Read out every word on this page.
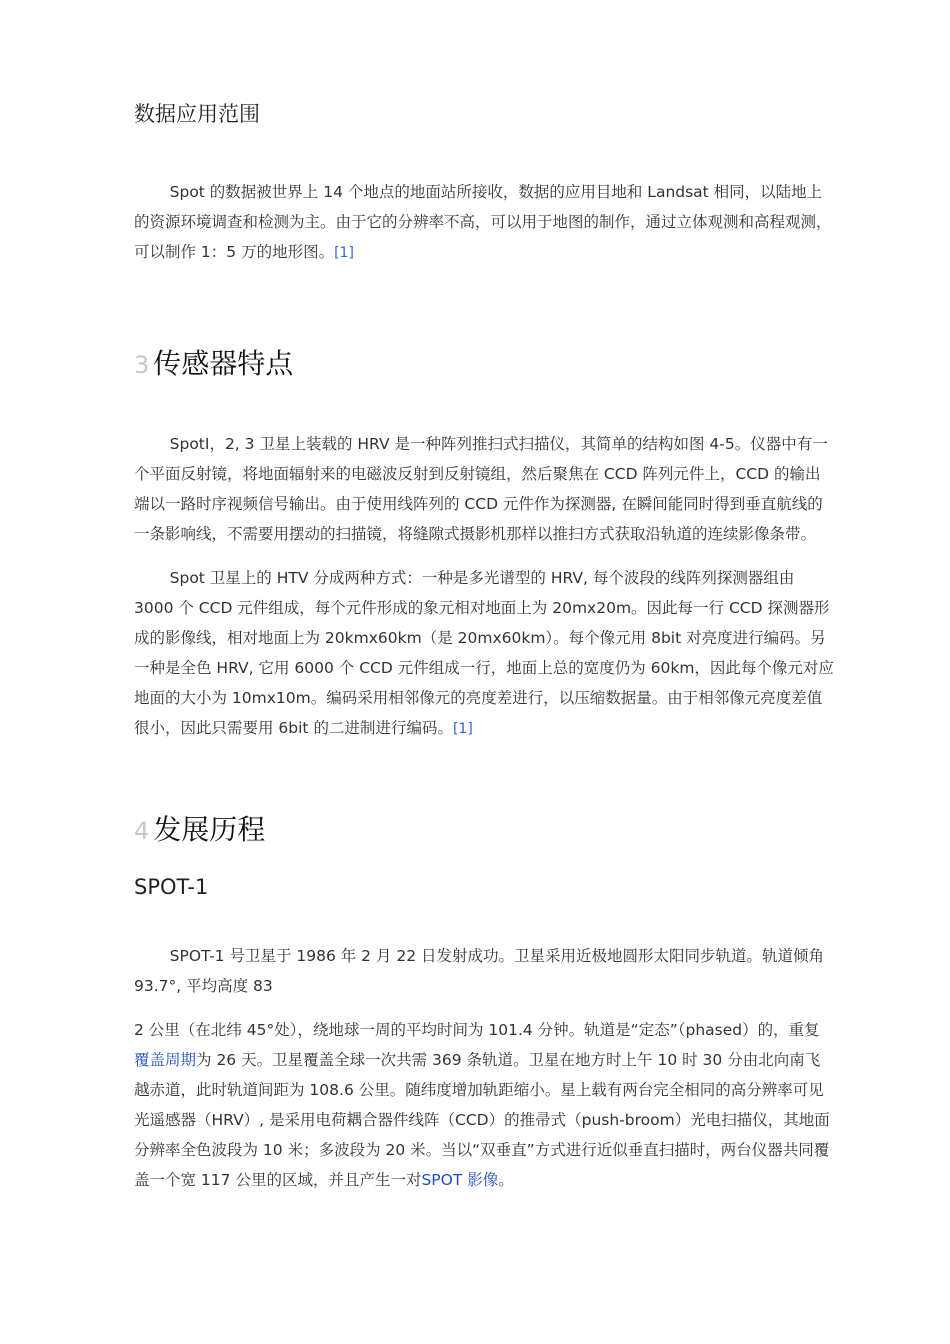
数据应用范围

Spot 的数据被世界上 14 个地点的地面站所接收，数据的应用目地和 Landsat 相同，以陆地上的资源环境调查和检测为主。由于它的分辨率不高，可以用于地图的制作，通过立体观测和高程观测，可以制作 1：5 万的地形图。[1]

3 传感器特点

SpotI，2, 3 卫星上装载的 HRV 是一种阵列推扫式扫描仪，其简单的结构如图 4-5。仪器中有一个平面反射镜，将地面辐射来的电磁波反射到反射镜组，然后聚焦在 CCD 阵列元件上，CCD 的输出端以一路时序视频信号输出。由于使用线阵列的 CCD 元件作为探测器, 在瞬间能同时得到垂直航线的一条影响线，不需要用摆动的扫描镜，将缝隙式摄影机那样以推扫方式获取沿轨道的连续影像条带。

Spot 卫星上的 HTV 分成两种方式：一种是多光谱型的 HRV, 每个波段的线阵列探测器组由 3000 个 CCD 元件组成，每个元件形成的象元相对地面上为 20mx20m。因此每一行 CCD 探测器形成的影像线，相对地面上为 20kmx60km（是 20mx60km）。每个像元用 8bit 对亮度进行编码。另一种是全色 HRV, 它用 6000 个 CCD 元件组成一行，地面上总的宽度仍为 60km，因此每个像元对应地面的大小为 10mx10m。编码采用相邻像元的亮度差进行，以压缩数据量。由于相邻像元亮度差值很小，因此只需要用 6bit 的二进制进行编码。[1]

4 发展历程
SPOT-1

SPOT-1 号卫星于 1986 年 2 月 22 日发射成功。卫星采用近极地圆形太阳同步轨道。轨道倾角 93.7°, 平均高度 83

2 公里（在北纬 45°处），绕地球一周的平均时间为 101.4 分钟。轨道是“定态”（phased）的，重复覆盖周期为 26 天。卫星覆盖全球一次共需 369 条轨道。卫星在地方时上午 10 时 30 分由北向南飞越赤道，此时轨道间距为 108.6 公里。随纬度增加轨距缩小。星上载有两台完全相同的高分辨率可见光遥感器（HRV）, 是采用电荷耦合器件线阵（CCD）的推帚式（push-broom）光电扫描仪，其地面分辨率全色波段为 10 米；多波段为 20 米。当以“双垂直”方式进行近似垂直扫描时，两台仪器共同覆盖一个宽 117 公里的区域，并且产生一对SPOT 影像。
